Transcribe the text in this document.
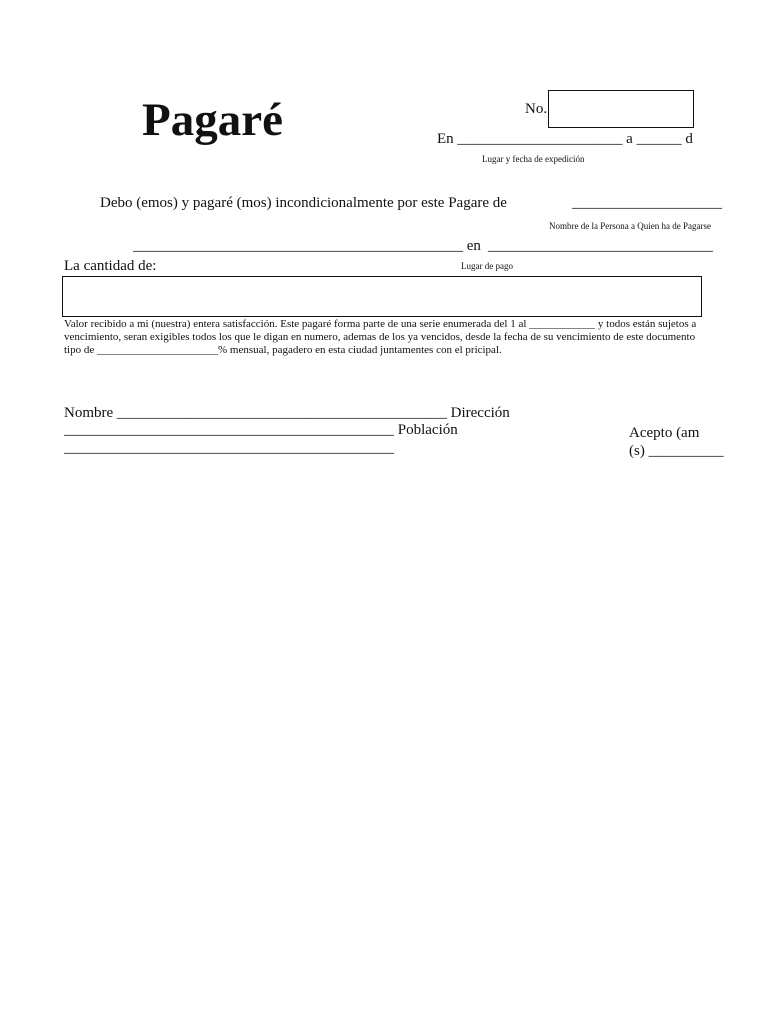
Pagaré	No.
En ______________________ a ______ d
Lugar y fecha de expedición
Debo (emos) y pagaré (mos) incondicionalmente por este Pagare de	____________________
Nombre de la Persona a Quien ha de Pagarse
____________________________________________ en ______________________________
La cantidad de:	Lugar de pago
Valor recibido a mi (nuestra) entera satisfacción. Este pagaré forma parte de una serie enumerada del 1 al ____________ y todos están sujetos a
vencimiento, seran exigibles todos los que le digan en numero, ademas de los ya vencidos, desde la fecha de su vencimiento de este documento
tipo de ______________________% mensual, pagadero en esta ciudad juntamentes con el pricipal.
Nombre ____________________________________________ Dirección
____________________________________________ Población
____________________________________________
Acepto (am
(s) __________
